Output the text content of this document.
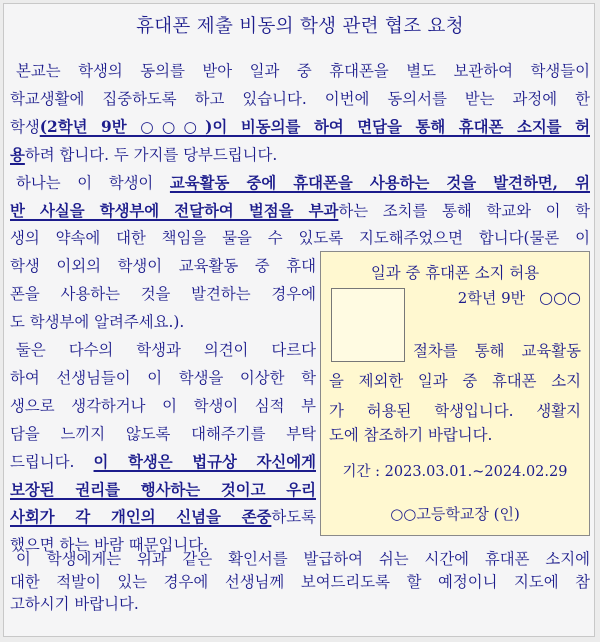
휴대폰 제출 비동의 학생 관련 협조 요청
본교는 학생의 동의를 받아 일과 중 휴대폰을 별도 보관하여 학생들이
학교생활에 집중하도록 하고 있습니다. 이번에 동의서를 받는 과정에 한
학생(2학년 9반 ○○○)이 비동의를 하여 면담을 통해 휴대폰 소지를 허
용하려 합니다. 두 가지를 당부드립니다.
하나는 이 학생이 교육활동 중에 휴대폰을 사용하는 것을 발견하면, 위
반 사실을 학생부에 전달하여 벌점을 부과하는 조치를 통해 학교와 이 학
생의 약속에 대한 책임을 물을 수 있도록 지도해주었으면 합니다(물론 이
학생 이외의 학생이 교육활동 중 휴대
폰을 사용하는 것을 발견하는 경우에
도 학생부에 알려주세요.).
둘은 다수의 학생과 의견이 다르다
하여 선생님들이 이 학생을 이상한 학
생으로 생각하거나 이 학생이 심적 부
담을 느끼지 않도록 대해주기를 부탁
드립니다. 이 학생은 법규상 자신에게
보장된 권리를 행사하는 것이고 우리
사회가 각 개인의 신념을 존중하도록
했으면 하는 바람 때문입니다.
이 학생에게는 위과 같은 확인서를 발급하여 쉬는 시간에 휴대폰 소지에
일과 중 휴대폰 소지 허용
2학년 9반 ○○○
절차를 통해 교육활동
을 제외한 일과 중 휴대폰 소지
가 허용된 학생입니다. 생활지
도에 참조하기 바랍니다.
기간 : 2023.03.01.~2024.02.29
○○고등학교장 (인)
대한 적발이 있는 경우에 선생님께 보여드리도록 할 예정이니 지도에 참
고하시기 바랍니다.
